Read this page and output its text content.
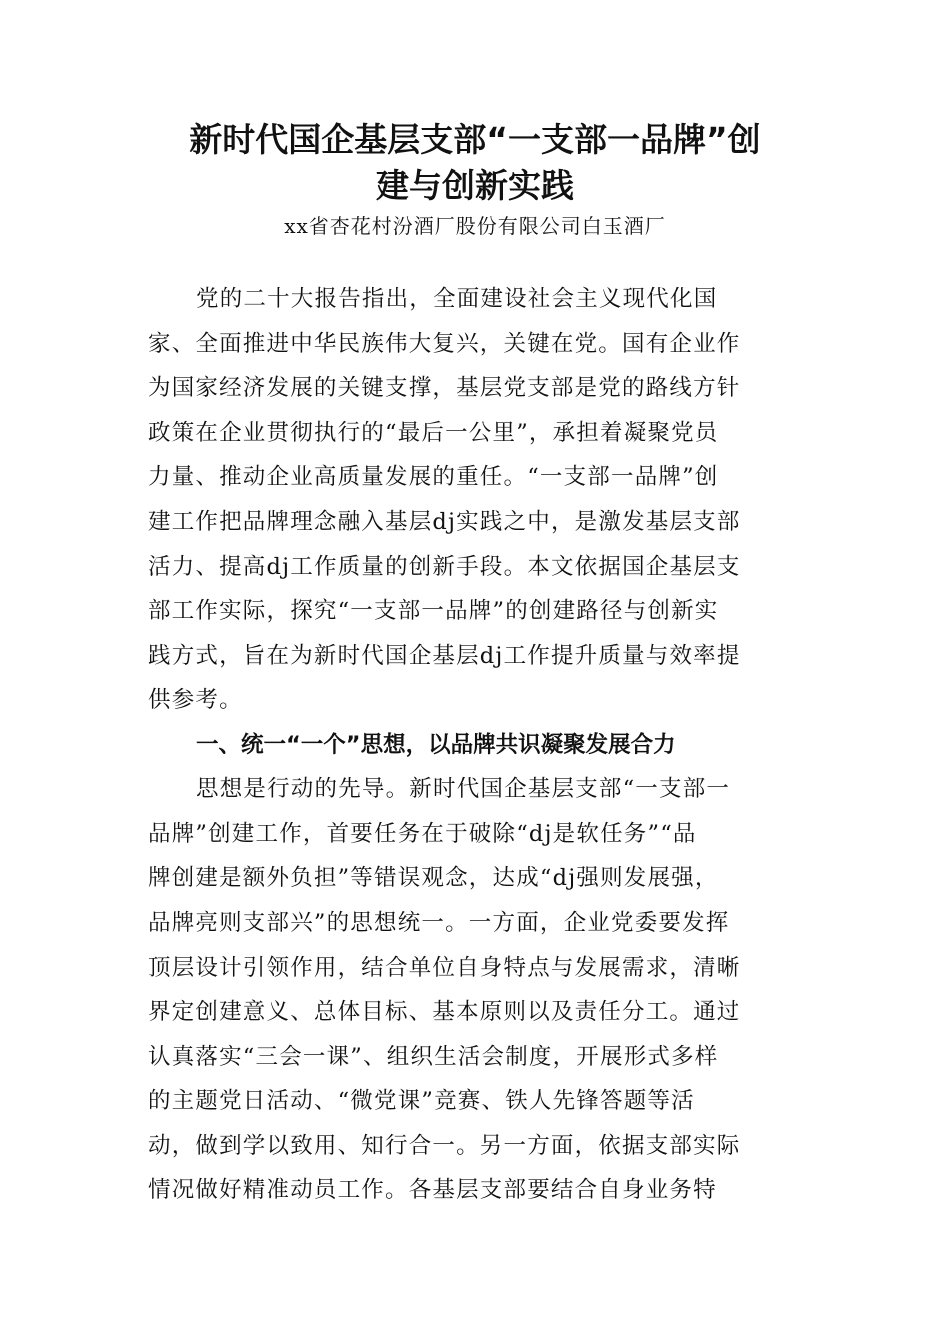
新时代国企基层支部“一支部一品牌”创
建与创新实践

xx省杏花村汾酒厂股份有限公司白玉酒厂

党的二十大报告指出，全面建设社会主义现代化国

家、全面推进中华民族伟大复兴，关键在党。国有企业作

为国家经济发展的关键支撑，基层党支部是党的路线方针

政策在企业贯彻执行的“最后一公里”，承担着凝聚党员

力量、推动企业高质量发展的重任。“一支部一品牌”创

建工作把品牌理念融入基层dj实践之中，是激发基层支部

活力、提高dj工作质量的创新手段。本文依据国企基层支

部工作实际，探究“一支部一品牌”的创建路径与创新实

践方式，旨在为新时代国企基层dj工作提升质量与效率提

供参考。

一、统一“一个”思想，以品牌共识凝聚发展合力

思想是行动的先导。新时代国企基层支部“一支部一

品牌”创建工作，首要任务在于破除“dj是软任务”“品

牌创建是额外负担”等错误观念，达成“dj强则发展强，

品牌亮则支部兴”的思想统一。一方面，企业党委要发挥

顶层设计引领作用，结合单位自身特点与发展需求，清晰

界定创建意义、总体目标、基本原则以及责任分工。通过

认真落实“三会一课”、组织生活会制度，开展形式多样

的主题党日活动、“微党课”竞赛、铁人先锋答题等活

动，做到学以致用、知行合一。另一方面，依据支部实际

情况做好精准动员工作。各基层支部要结合自身业务特
